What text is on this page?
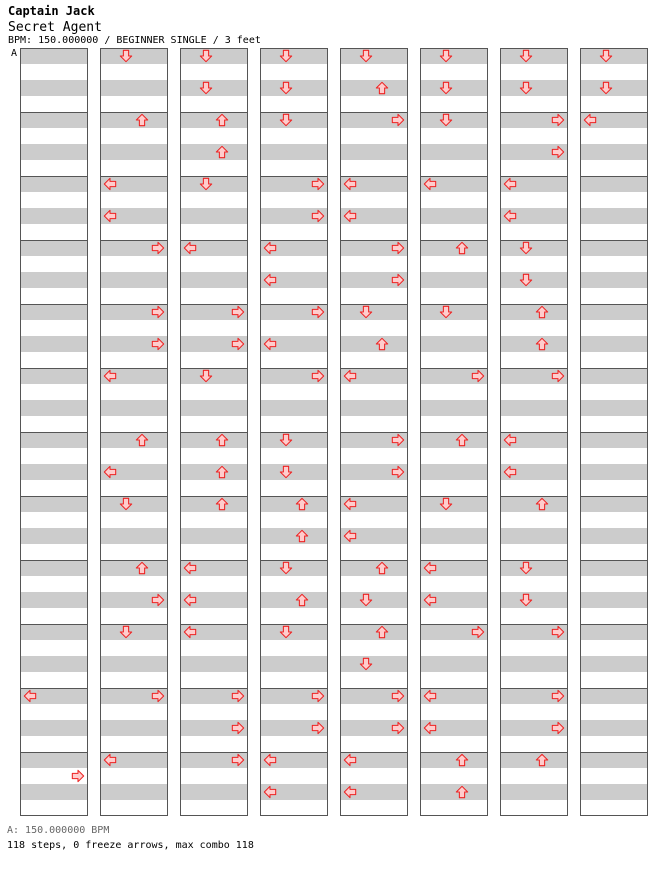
Captain Jack
Secret Agent
BPM: 150.000000 / BEGINNER SINGLE / 3 feet
A
A: 150.000000 BPM
118 steps, 0 freeze arrows, max combo 118
